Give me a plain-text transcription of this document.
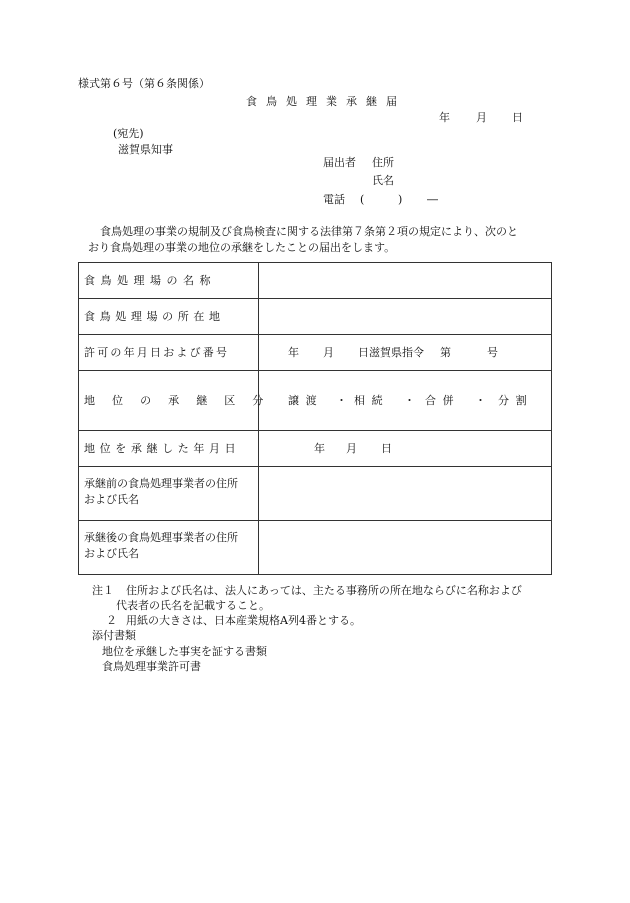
様式第６号（第６条関係）
食 鳥 処 理 業 承 継 届
年 月 日
(宛先)
滋賀県知事
届出者 住所
氏名
電話 (	) ―
食鳥処理の事業の規制及び食鳥検査に関する法律第７条第２項の規定により、次のと
おり食鳥処理の事業の地位の承継をしたことの届出をします。
食鳥処理場の名称
食鳥処理場の所在地
許可の年月日および番号	年 月 日滋賀県指令 第	号
地位の承継区分 譲渡 ・ 相続 ・ 合併 ・ 分割
地位を承継した年月日	年 月 日
承継前の食鳥処理事業者の住所
および氏名
承継後の食鳥処理事業者の住所
および氏名
注１ 住所および氏名は、法人にあっては、主たる事務所の所在地ならびに名称および
代表者の氏名を記載すること。
２ 用紙の大きさは、日本産業規格A列4番とする。
添付書類
地位を承継した事実を証する書類
食鳥処理事業許可書
